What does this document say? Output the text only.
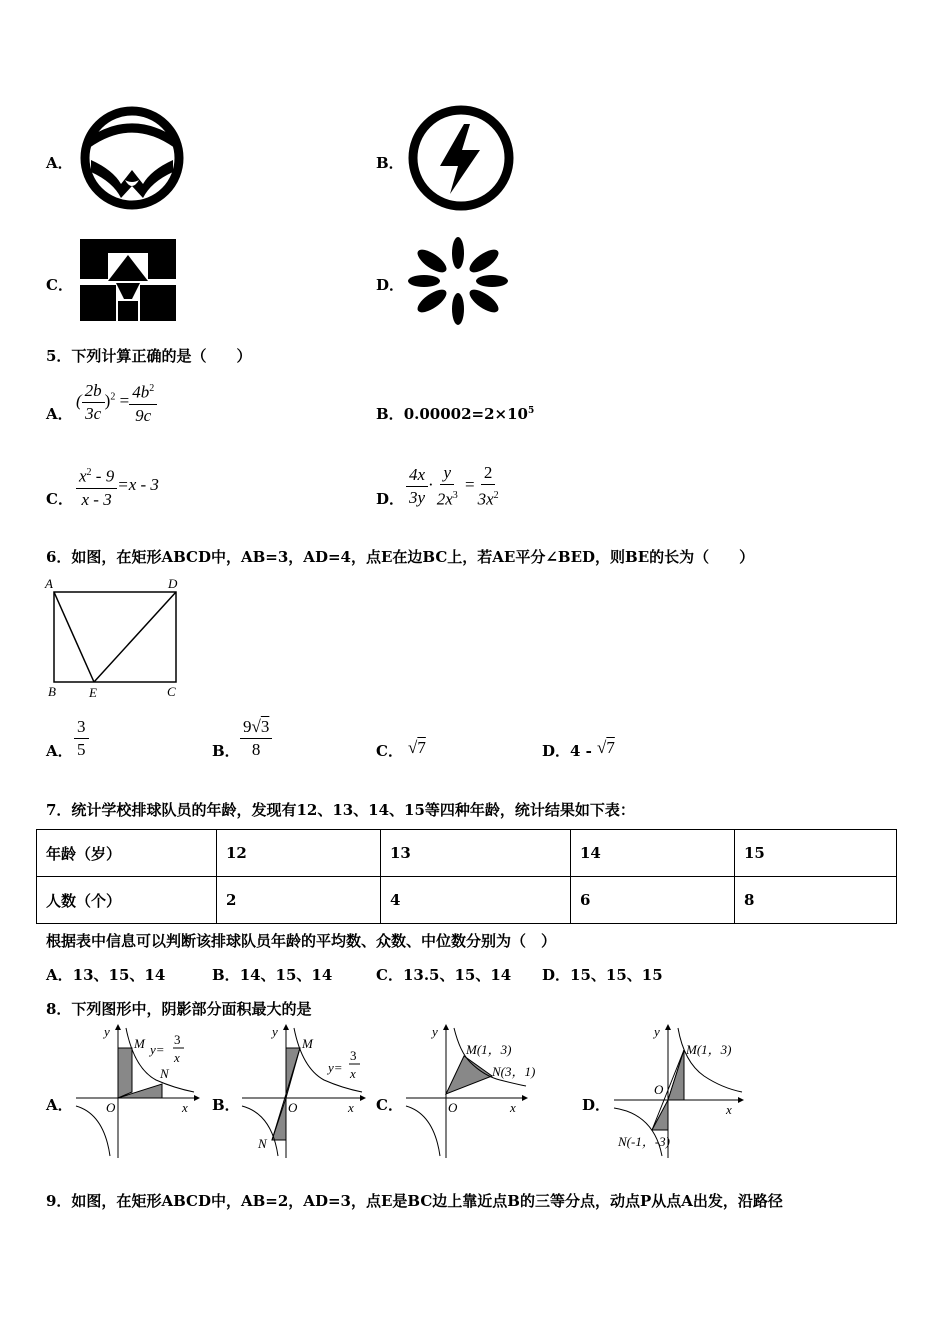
A．	B．
C．	D．
5．下列计算正确的是（　　）
A．
( $\frac{2b}{3c} )^2 = \frac{4b^2}{9c}$	B．$0.00002=2\times 10^5$
C． $\frac{x^2 - 9}{x - 3} =x - 3$
D． $\frac{4x}{3y} \cdot \frac{y}{2x^3} = \frac{2}{3x^2}$
6．如图，在矩形ABCD中，AB=3，AD=4，点E在边BC上，若AE平分∠BED，则BE的长为（　　）
A	D
B	E	C
A． $\frac{3}{5}$	B． $\frac{9√3}{8}$	C． √7	D．4 - √7
7．统计学校排球队员的年龄，发现有12、13、14、15等四种年龄，统计结果如下表：
年龄（岁）	12	13	14	15
人数（个）	2	4	6	8
根据表中信息可以判断该排球队员年龄的平均数、众数、中位数分别为（　）
A．13、15、14	B．14、15、14	C．13.5、15、14 D．15、15、15
8．下列图形中，阴影部分面积最大的是
A．	x
y
O
M
N
y=
3
x
B．	x
y
O
M
N
y=
3
x
C．	x
y
O
M(1，3)
N(3，1)
D．	x
y
O
M(1，3)
N(-1，-3)
9．如图，在矩形ABCD中，AB=2，AD=3，点E是BC边上靠近点B的三等分点，动点P从点A出发，沿路径
